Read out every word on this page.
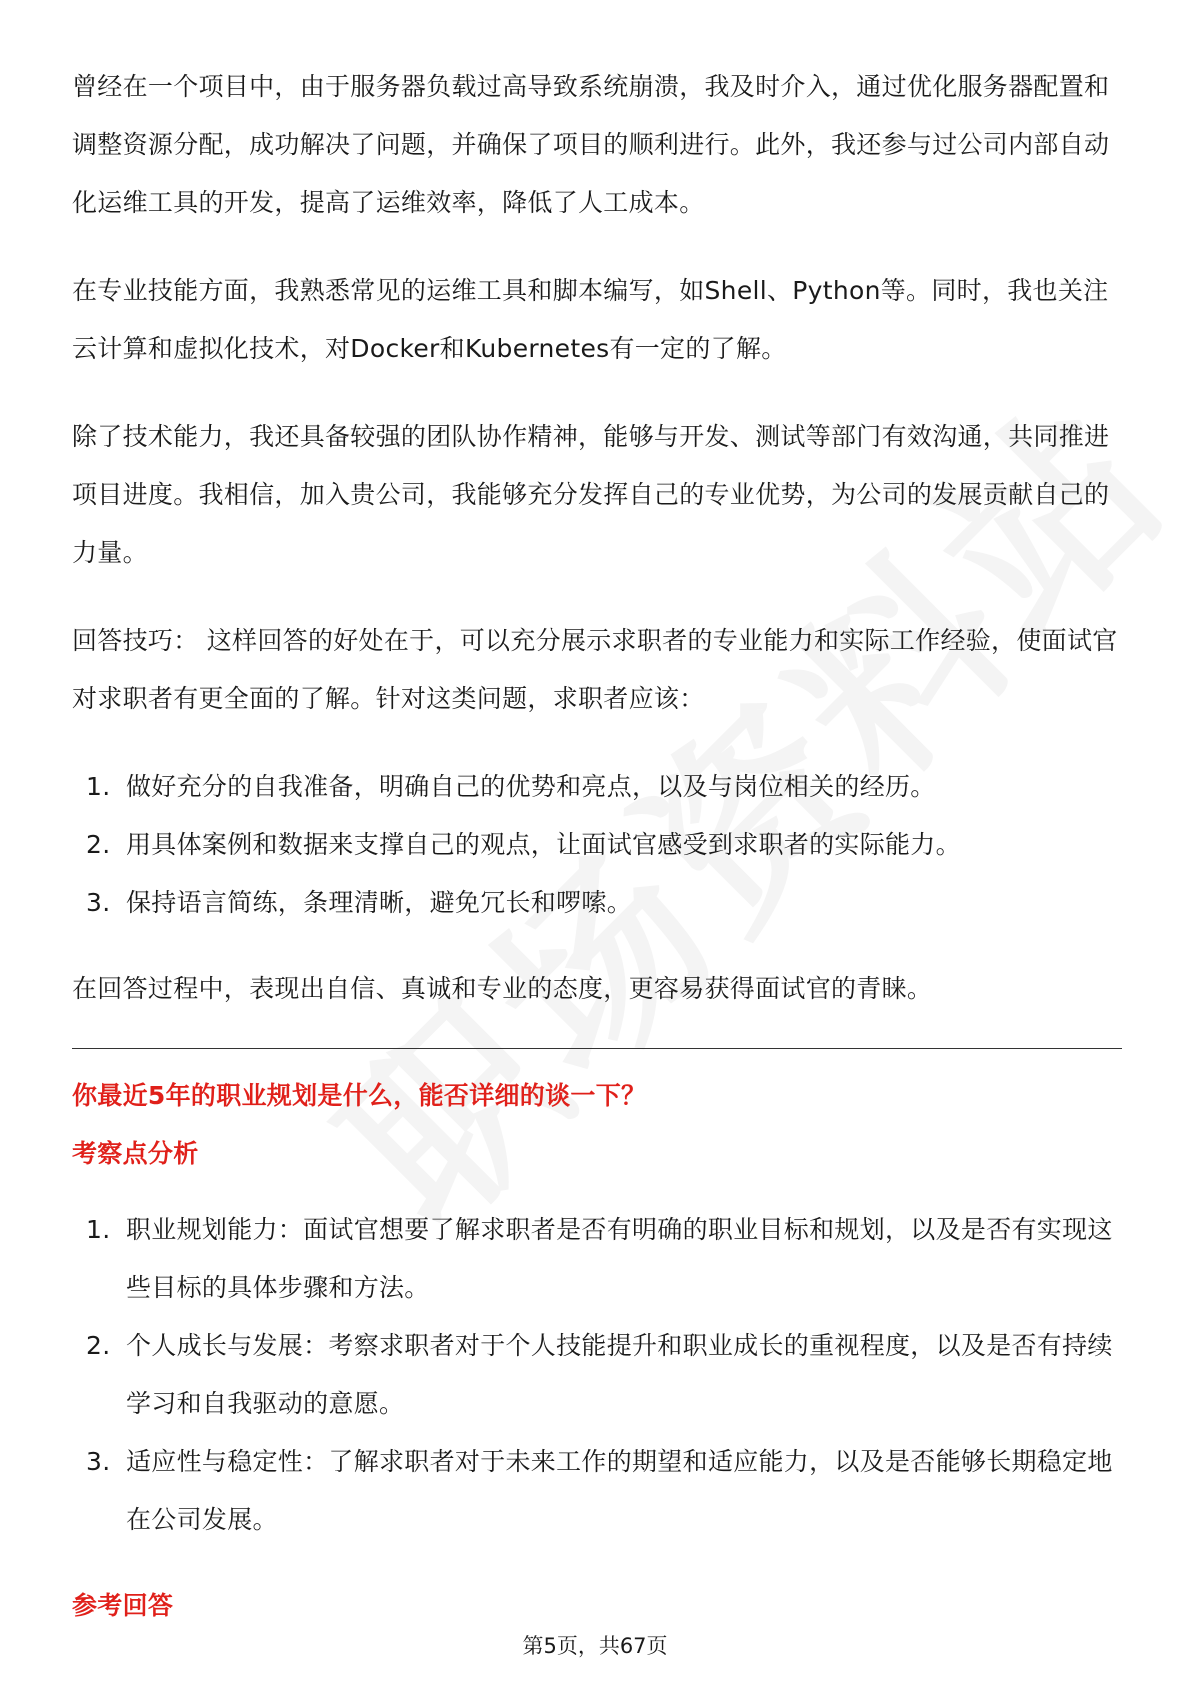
曾经在一个项目中，由于服务器负载过高导致系统崩溃，我及时介入，通过优化服务器配置和调整资源分配，成功解决了问题，并确保了项目的顺利进行。此外，我还参与过公司内部自动化运维工具的开发，提高了运维效率，降低了人工成本。

在专业技能方面，我熟悉常见的运维工具和脚本编写，如Shell、Python等。同时，我也关注云计算和虚拟化技术，对Docker和Kubernetes有一定的了解。

除了技术能力，我还具备较强的团队协作精神，能够与开发、测试等部门有效沟通，共同推进项目进度。我相信，加入贵公司，我能够充分发挥自己的专业优势，为公司的发展贡献自己的力量。

回答技巧： 这样回答的好处在于，可以充分展示求职者的专业能力和实际工作经验，使面试官对求职者有更全面的了解。针对这类问题，求职者应该：

1. 做好充分的自我准备，明确自己的优势和亮点，以及与岗位相关的经历。
2. 用具体案例和数据来支撑自己的观点，让面试官感受到求职者的实际能力。
3. 保持语言简练，条理清晰，避免冗长和啰嗦。

在回答过程中，表现出自信、真诚和专业的态度，更容易获得面试官的青睐。

你最近5年的职业规划是什么，能否详细的谈一下？
考察点分析
1. 职业规划能力：面试官想要了解求职者是否有明确的职业目标和规划，以及是否有实现这些目标的具体步骤和方法。
2. 个人成长与发展：考察求职者对于个人技能提升和职业成长的重视程度，以及是否有持续学习和自我驱动的意愿。
3. 适应性与稳定性：了解求职者对于未来工作的期望和适应能力，以及是否能够长期稳定地在公司发展。
参考回答
第5页，共67页
